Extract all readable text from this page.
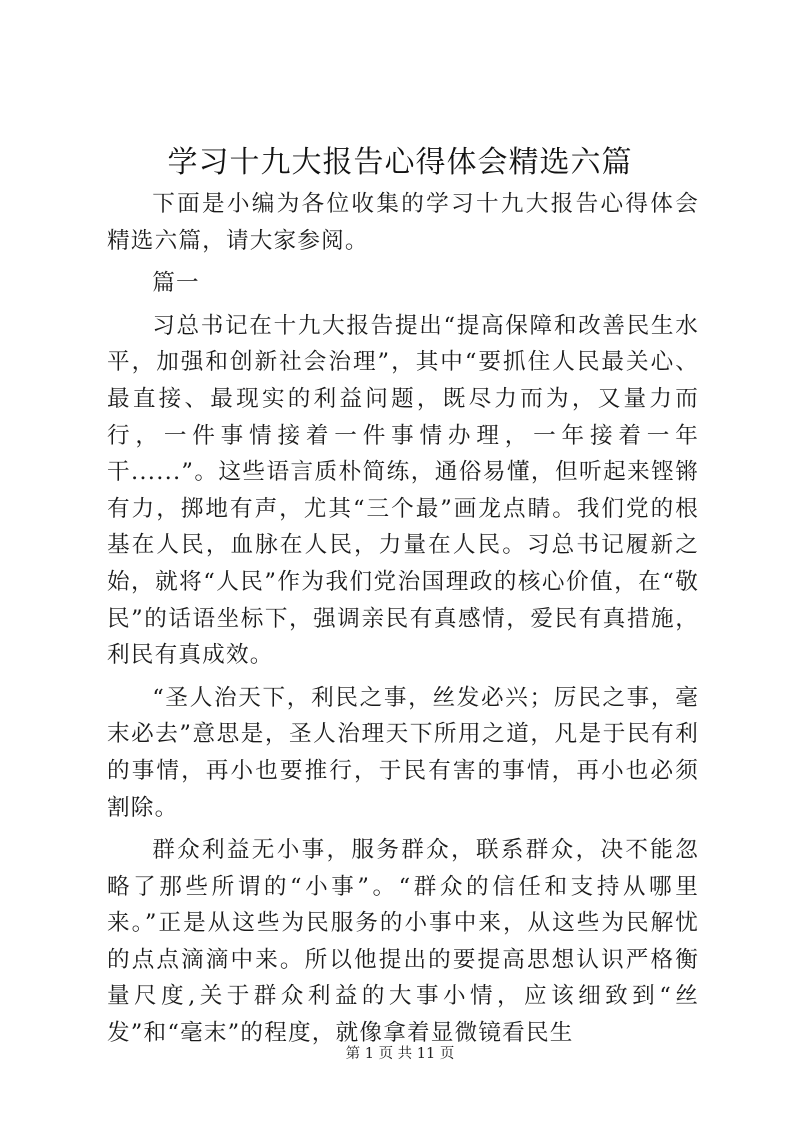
学习十九大报告心得体会精选六篇

下面是小编为各位收集的学习十九大报告心得体会精选六篇，请大家参阅。

篇一

习总书记在十九大报告提出“提高保障和改善民生水平，加强和创新社会治理”，其中“要抓住人民最关心、最直接、最现实的利益问题，既尽力而为，又量力而行，一件事情接着一件事情办理，一年接着一年干......”。这些语言质朴简练，通俗易懂，但听起来铿锵有力，掷地有声，尤其“三个最”画龙点睛。我们党的根基在人民，血脉在人民，力量在人民。习总书记履新之始，就将“人民”作为我们党治国理政的核心价值，在“敬民”的话语坐标下，强调亲民有真感情，爱民有真措施，利民有真成效。

“圣人治天下，利民之事，丝发必兴；厉民之事，毫末必去”意思是，圣人治理天下所用之道，凡是于民有利的事情，再小也要推行，于民有害的事情，再小也必须割除。

群众利益无小事，服务群众，联系群众，决不能忽略了那些所谓的“小事”。“群众的信任和支持从哪里来。”正是从这些为民服务的小事中来，从这些为民解忧的点点滴滴中来。所以他提出的要提高思想认识严格衡量尺度,关于群众利益的大事小情，应该细致到“丝发”和“毫末”的程度，就像拿着显微镜看民生

第 1 页 共 11 页
